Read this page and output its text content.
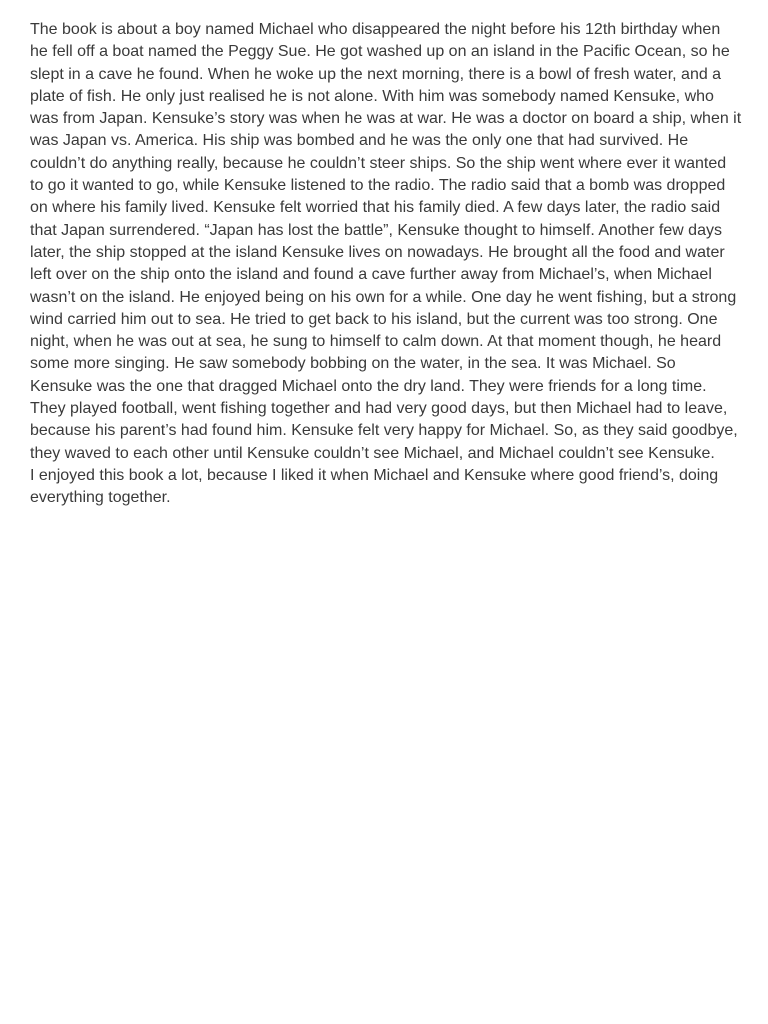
The book is about a boy named Michael who disappeared the night before his 12th birthday when he fell off a boat named the Peggy Sue. He got washed up on an island in the Pacific Ocean, so he slept in a cave he found. When he woke up the next morning, there is a bowl of fresh water, and a plate of fish. He only just realised he is not alone. With him was somebody named Kensuke, who was from Japan. Kensuke’s story was when he was at war. He was a doctor on board a ship, when it was Japan vs. America. His ship was bombed and he was the only one that had survived. He couldn’t do anything really, because he couldn’t steer ships. So the ship went where ever it wanted to go it wanted to go, while Kensuke listened to the radio. The radio said that a bomb was dropped on where his family lived. Kensuke felt worried that his family died. A few days later, the radio said that Japan surrendered. “Japan has lost the battle”, Kensuke thought to himself. Another few days later, the ship stopped at the island Kensuke lives on nowadays. He brought all the food and water left over on the ship onto the island and found a cave further away from Michael’s, when Michael wasn’t on the island. He enjoyed being on his own for a while. One day he went fishing, but a strong wind carried him out to sea. He tried to get back to his island, but the current was too strong. One night, when he was out at sea, he sung to himself to calm down. At that moment though, he heard some more singing. He saw somebody bobbing on the water, in the sea. It was Michael. So Kensuke was the one that dragged Michael onto the dry land. They were friends for a long time. They played football, went fishing together and had very good days, but then Michael had to leave, because his parent’s had found him. Kensuke felt very happy for Michael. So, as they said goodbye, they waved to each other until Kensuke couldn’t see Michael, and Michael couldn’t see Kensuke.

I enjoyed this book a lot, because I liked it when Michael and Kensuke where good friend’s, doing everything together.
